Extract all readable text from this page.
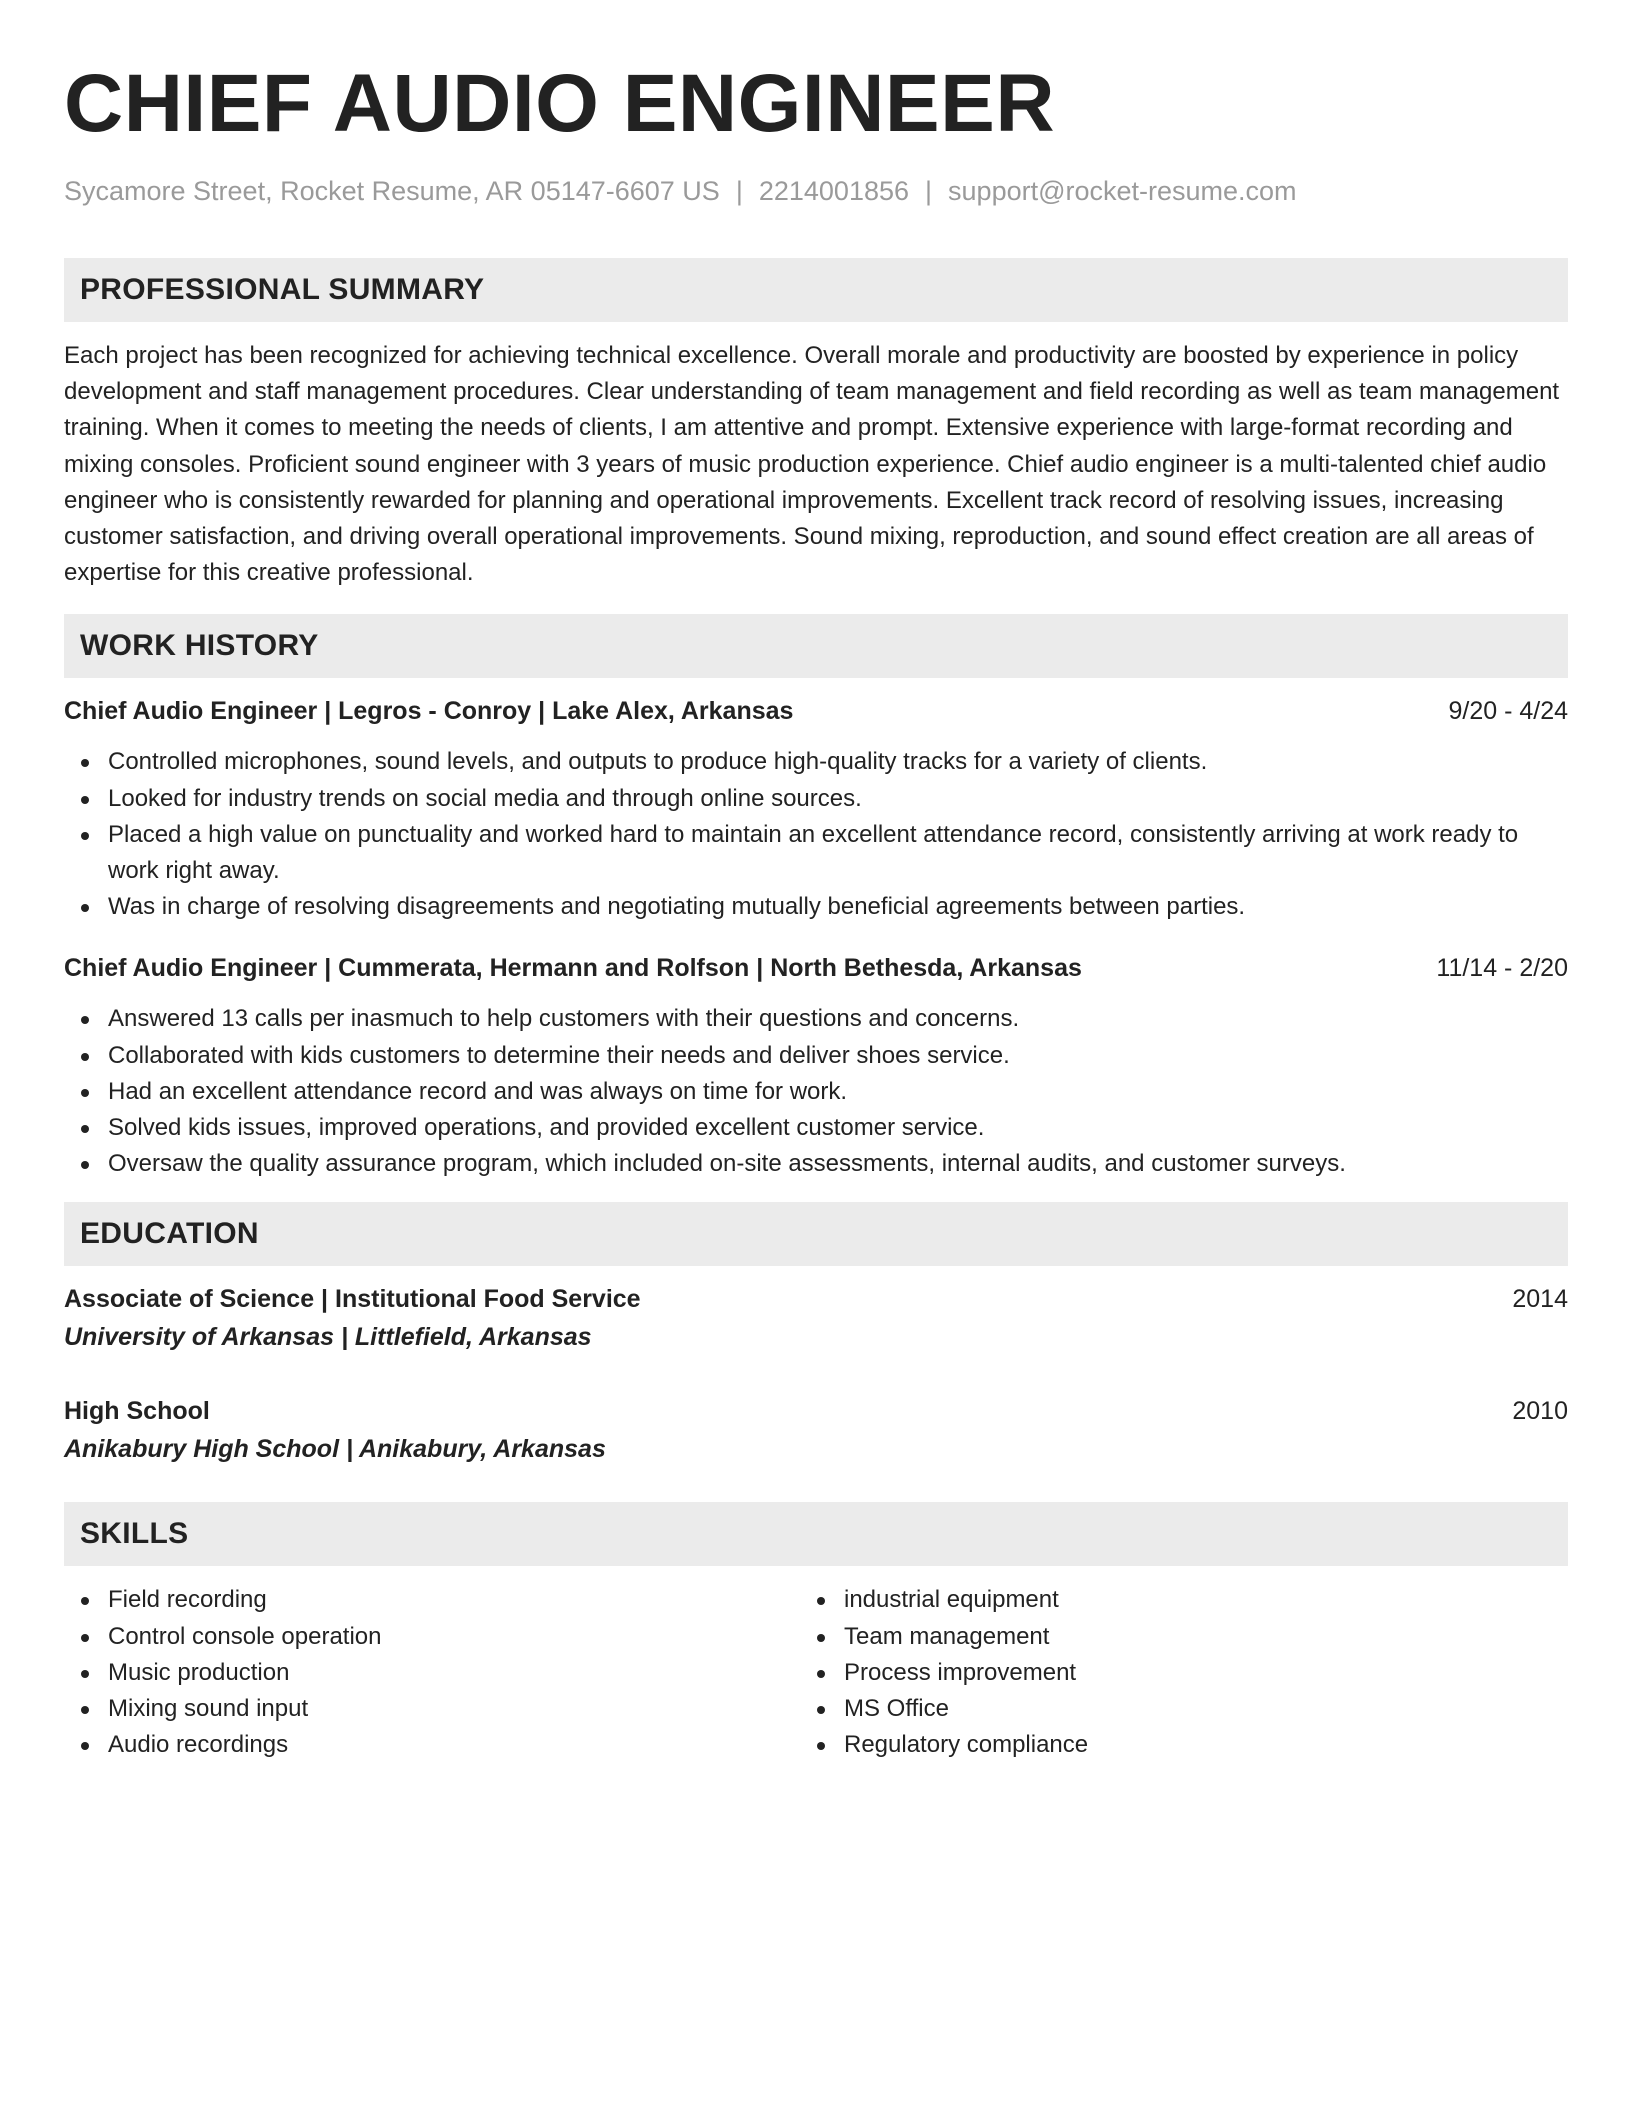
CHIEF AUDIO ENGINEER
Sycamore Street, Rocket Resume, AR 05147-6607 US | 2214001856 | support@rocket-resume.com
PROFESSIONAL SUMMARY
Each project has been recognized for achieving technical excellence. Overall morale and productivity are boosted by experience in policy development and staff management procedures. Clear understanding of team management and field recording as well as team management training. When it comes to meeting the needs of clients, I am attentive and prompt. Extensive experience with large-format recording and mixing consoles. Proficient sound engineer with 3 years of music production experience. Chief audio engineer is a multi-talented chief audio engineer who is consistently rewarded for planning and operational improvements. Excellent track record of resolving issues, increasing customer satisfaction, and driving overall operational improvements. Sound mixing, reproduction, and sound effect creation are all areas of expertise for this creative professional.
WORK HISTORY
Chief Audio Engineer | Legros - Conroy | Lake Alex, Arkansas	9/20 - 4/24
Controlled microphones, sound levels, and outputs to produce high-quality tracks for a variety of clients.
Looked for industry trends on social media and through online sources.
Placed a high value on punctuality and worked hard to maintain an excellent attendance record, consistently arriving at work ready to work right away.
Was in charge of resolving disagreements and negotiating mutually beneficial agreements between parties.
Chief Audio Engineer | Cummerata, Hermann and Rolfson | North Bethesda, Arkansas	11/14 - 2/20
Answered 13 calls per inasmuch to help customers with their questions and concerns.
Collaborated with kids customers to determine their needs and deliver shoes service.
Had an excellent attendance record and was always on time for work.
Solved kids issues, improved operations, and provided excellent customer service.
Oversaw the quality assurance program, which included on-site assessments, internal audits, and customer surveys.
EDUCATION
Associate of Science | Institutional Food Service	2014
University of Arkansas | Littlefield, Arkansas
High School	2010
Anikabury High School | Anikabury, Arkansas
SKILLS
Field recording
Control console operation
Music production
Mixing sound input
Audio recordings
industrial equipment
Team management
Process improvement
MS Office
Regulatory compliance
